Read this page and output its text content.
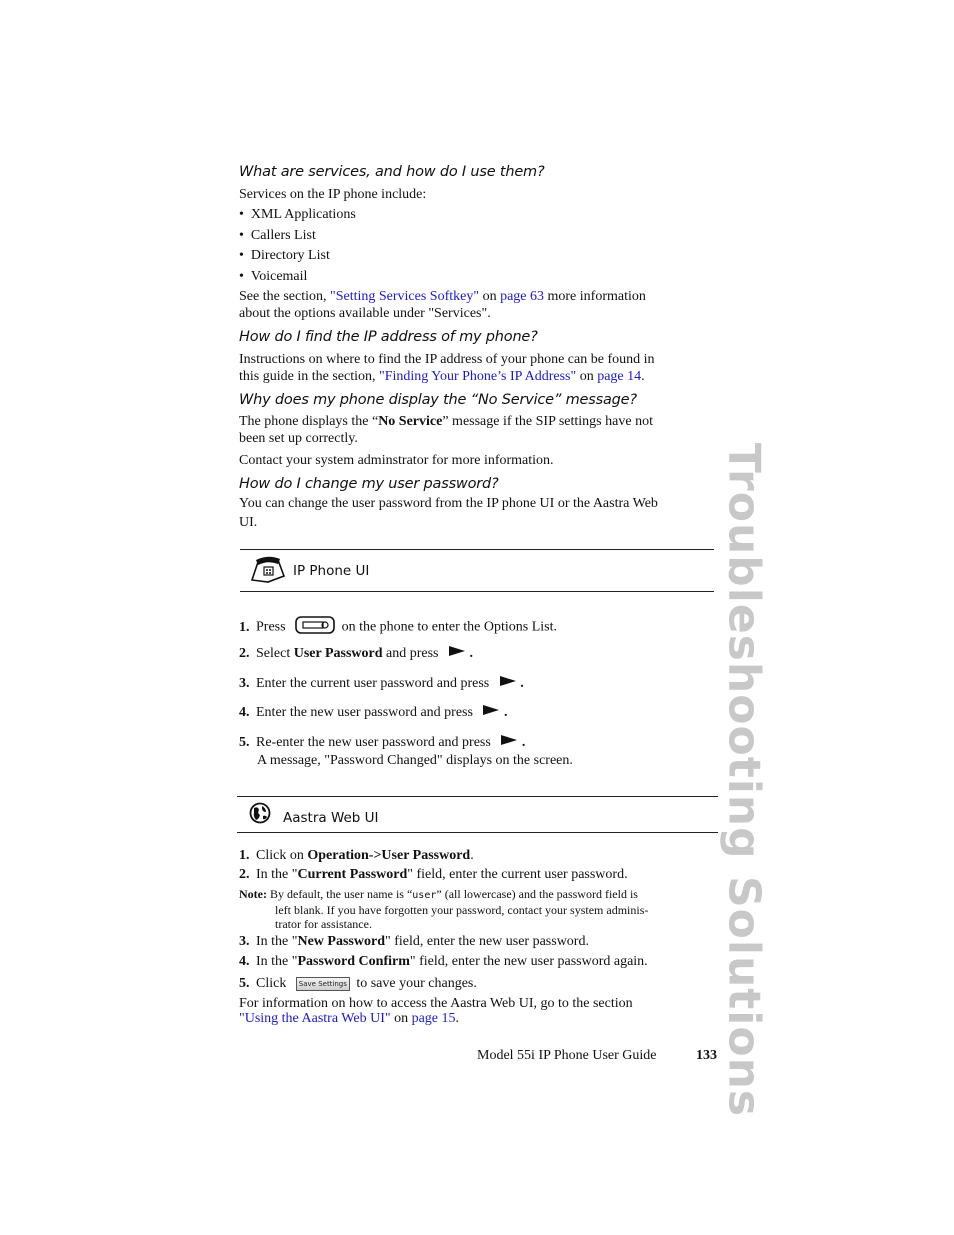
What are services, and how do I use them?
Services on the IP phone include:
•  XML Applications
•  Callers List
•  Directory List
•  Voicemail
See the section, "Setting Services Softkey" on page 63 more information
about the options available under "Services".
How do I find the IP address of my phone?
Instructions on where to find the IP address of your phone can be found in
this guide in the section, "Finding Your Phone’s IP Address" on page 14.
Why does my phone display the “No Service” message?
The phone displays the “No Service” message if the SIP settings have not
been set up correctly.
Contact your system adminstrator for more information.
How do I change my user password?
You can change the user password from the IP phone UI or the Aastra Web
UI.
IP Phone UI
1. Press	on the phone to enter the Options List.
2. Select User Password and press .
3. Enter the current user password and press .
4. Enter the new user password and press .
5. Re-enter the new user password and press .
A message, "Password Changed" displays on the screen.
Aastra Web UI
1. Click on Operation->User Password.
2. In the "Current Password" field, enter the current user password.
Note: By default, the user name is “user” (all lowercase) and the password field is
left blank. If you have forgotten your password, contact your system adminis-
trator for assistance.
3. In the "New Password" field, enter the new user password.
4. In the "Password Confirm" field, enter the new user password again.
5. Click Save Settings to save your changes.
For information on how to access the Aastra Web UI, go to the section
"Using the Aastra Web UI" on page 15.
Model 55i IP Phone User Guide	133 Troubleshooting Solutions
